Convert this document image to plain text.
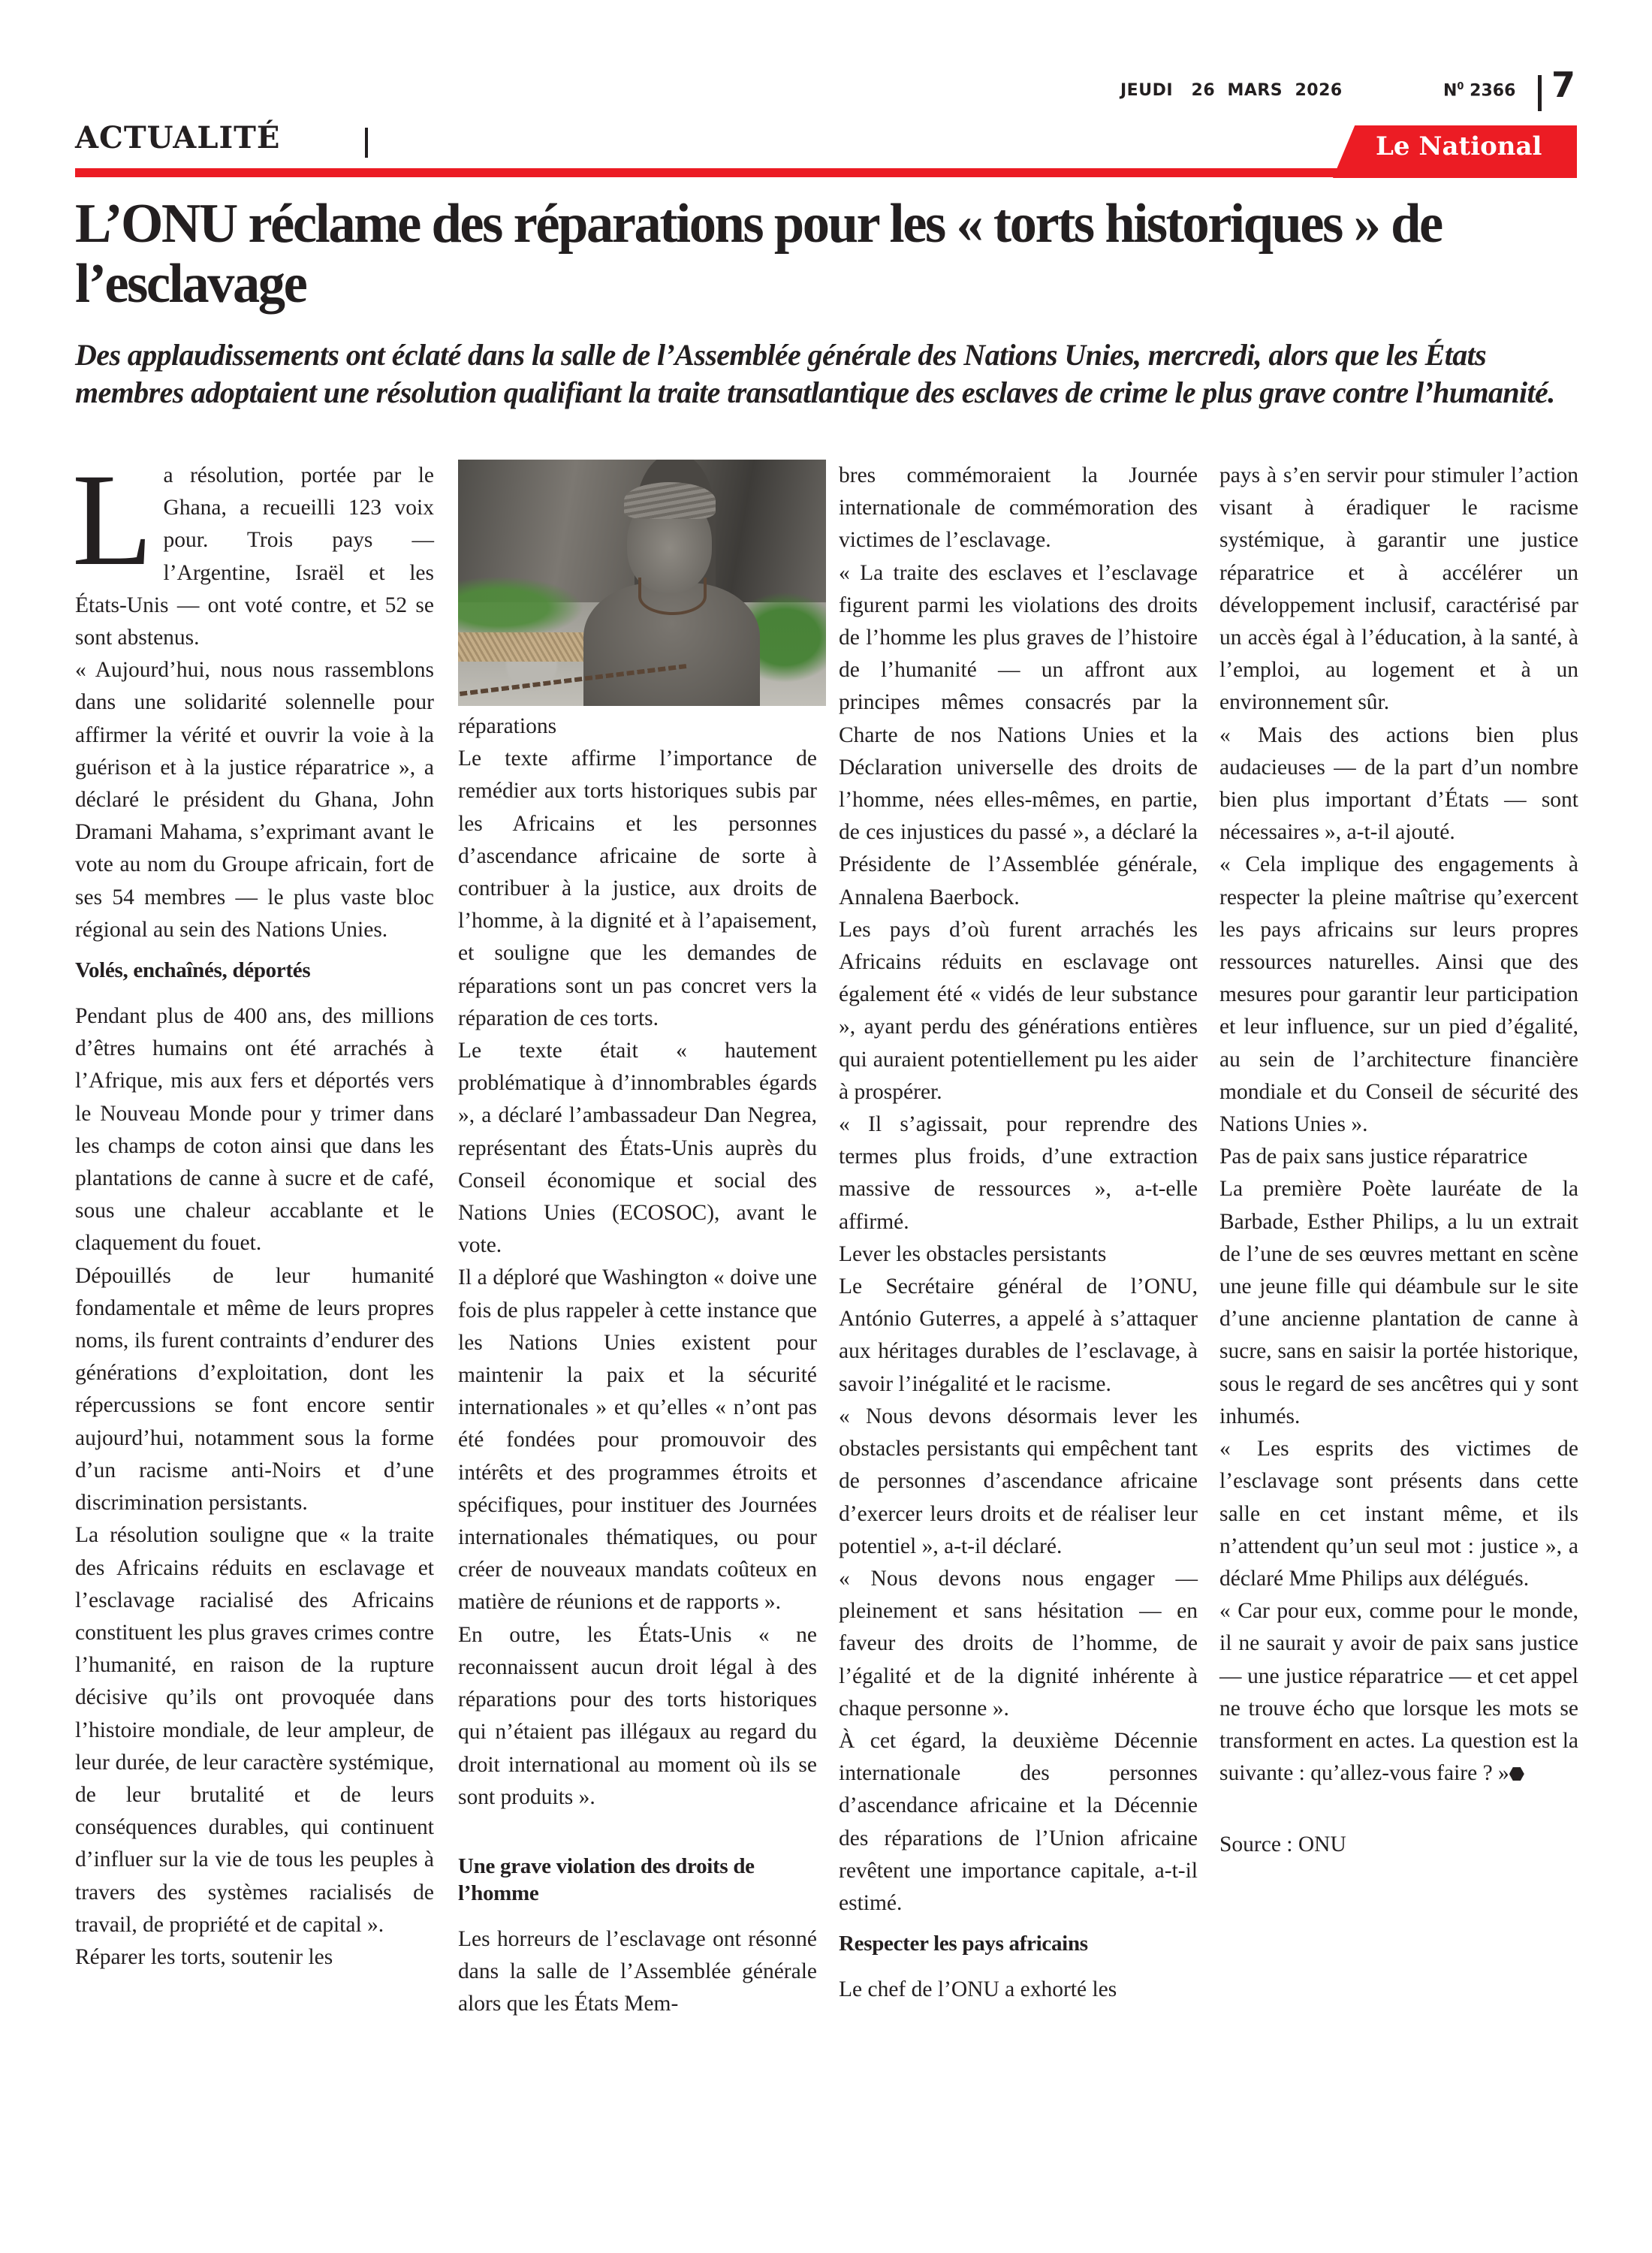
JEUDI 26  MARS  2026	$N^0$ 2366 7
ACTUALITÉ	Le National
L’ONU réclame des réparations pour les « torts historiques » de l’esclavage

Des applaudissements ont éclaté dans la salle de l’Assemblée générale des Nations Unies, mercredi, alors que les États membres adoptaient une résolution qualifiant la traite transatlantique des esclaves de crime le plus grave contre l’humanité.

La résolution, portée par le Ghana, a recueilli 123 voix pour. Trois pays — l’Argentine, Israël et les États-Unis — ont voté contre, et 52 se sont abstenus.

« Aujourd’hui, nous nous rassemblons dans une solidarité solennelle pour affirmer la vérité et ouvrir la voie à la guérison et à la justice réparatrice », a déclaré le président du Ghana, John Dramani Mahama, s’exprimant avant le vote au nom du Groupe africain, fort de ses 54 membres — le plus vaste bloc régional au sein des Nations Unies.

Volés, enchaînés, déportés

Pendant plus de 400 ans, des millions d’êtres humains ont été arrachés à l’Afrique, mis aux fers et déportés vers le Nouveau Monde pour y trimer dans les champs de coton ainsi que dans les plantations de canne à sucre et de café, sous une chaleur accablante et le claquement du fouet.

Dépouillés de leur humanité fondamentale et même de leurs propres noms, ils furent contraints d’endurer des générations d’exploitation, dont les répercussions se font encore sentir aujourd’hui, notamment sous la forme d’un racisme anti-Noirs et d’une discrimination persistants.

La résolution souligne que « la traite des Africains réduits en esclavage et l’esclavage racialisé des Africains constituent les plus graves crimes contre l’humanité, en raison de la rupture décisive qu’ils ont provoquée dans l’histoire mondiale, de leur ampleur, de leur durée, de leur caractère systémique, de leur brutalité et de leurs conséquences durables, qui continuent d’influer sur la vie de tous les peuples à travers des systèmes racialisés de travail, de propriété et de capital ».

Réparer les torts, soutenir les

réparations

Le texte affirme l’importance de remédier aux torts historiques subis par les Africains et les personnes d’ascendance africaine de sorte à contribuer à la justice, aux droits de l’homme, à la dignité et à l’apaisement, et souligne que les demandes de réparations sont un pas concret vers la réparation de ces torts.

Le texte était « hautement problématique à d’innombrables égards », a déclaré l’ambassadeur Dan Negrea, représentant des États-Unis auprès du Conseil économique et social des Nations Unies (ECOSOC), avant le vote.

Il a déploré que Washington « doive une fois de plus rappeler à cette instance que les Nations Unies existent pour maintenir la paix et la sécurité internationales » et qu’elles « n’ont pas été fondées pour promouvoir des intérêts et des programmes étroits et spécifiques, pour instituer des Journées internationales thématiques, ou pour créer de nouveaux mandats coûteux en matière de réunions et de rapports ».

En outre, les États-Unis « ne reconnaissent aucun droit légal à des réparations pour des torts historiques qui n’étaient pas illégaux au regard du droit international au moment où ils se sont produits ».

Une grave violation des droits de l’homme

Les horreurs de l’esclavage ont résonné dans la salle de l’Assemblée générale alors que les États Mem-

bres commémoraient la Journée internationale de commémoration des victimes de l’esclavage.

« La traite des esclaves et l’esclavage figurent parmi les violations des droits de l’homme les plus graves de l’histoire de l’humanité — un affront aux principes mêmes consacrés par la Charte de nos Nations Unies et la Déclaration universelle des droits de l’homme, nées elles-mêmes, en partie, de ces injustices du passé », a déclaré la Présidente de l’Assemblée générale, Annalena Baerbock.

Les pays d’où furent arrachés les Africains réduits en esclavage ont également été « vidés de leur substance », ayant perdu des générations entières qui auraient potentiellement pu les aider à prospérer.

« Il s’agissait, pour reprendre des termes plus froids, d’une extraction massive de ressources », a-t-elle affirmé.

Lever les obstacles persistants

Le Secrétaire général de l’ONU, António Guterres, a appelé à s’attaquer aux héritages durables de l’esclavage, à savoir l’inégalité et le racisme.

« Nous devons désormais lever les obstacles persistants qui empêchent tant de personnes d’ascendance africaine d’exercer leurs droits et de réaliser leur potentiel », a-t-il déclaré.

« Nous devons nous engager — pleinement et sans hésitation — en faveur des droits de l’homme, de l’égalité et de la dignité inhérente à chaque personne ».

À cet égard, la deuxième Décennie internationale des personnes d’ascendance africaine et la Décennie des réparations de l’Union africaine revêtent une importance capitale, a-t-il estimé.

Respecter les pays africains

Le chef de l’ONU a exhorté les

pays à s’en servir pour stimuler l’action visant à éradiquer le racisme systémique, à garantir une justice réparatrice et à accélérer un développement inclusif, caractérisé par un accès égal à l’éducation, à la santé, à l’emploi, au logement et à un environnement sûr.

« Mais des actions bien plus audacieuses — de la part d’un nombre bien plus important d’États — sont nécessaires », a-t-il ajouté.

« Cela implique des engagements à respecter la pleine maîtrise qu’exercent les pays africains sur leurs propres ressources naturelles. Ainsi que des mesures pour garantir leur participation et leur influence, sur un pied d’égalité, au sein de l’architecture financière mondiale et du Conseil de sécurité des Nations Unies ».

Pas de paix sans justice réparatrice

La première Poète lauréate de la Barbade, Esther Philips, a lu un extrait de l’une de ses œuvres mettant en scène une jeune fille qui déambule sur le site d’une ancienne plantation de canne à sucre, sans en saisir la portée historique, sous le regard de ses ancêtres qui y sont inhumés.

« Les esprits des victimes de l’esclavage sont présents dans cette salle en cet instant même, et ils n’attendent qu’un seul mot : justice », a déclaré Mme Philips aux délégués.

« Car pour eux, comme pour le monde, il ne saurait y avoir de paix sans justice — une justice réparatrice — et cet appel ne trouve écho que lorsque les mots se transforment en actes. La question est la suivante : qu’allez-vous faire ? »

Source : ONU
